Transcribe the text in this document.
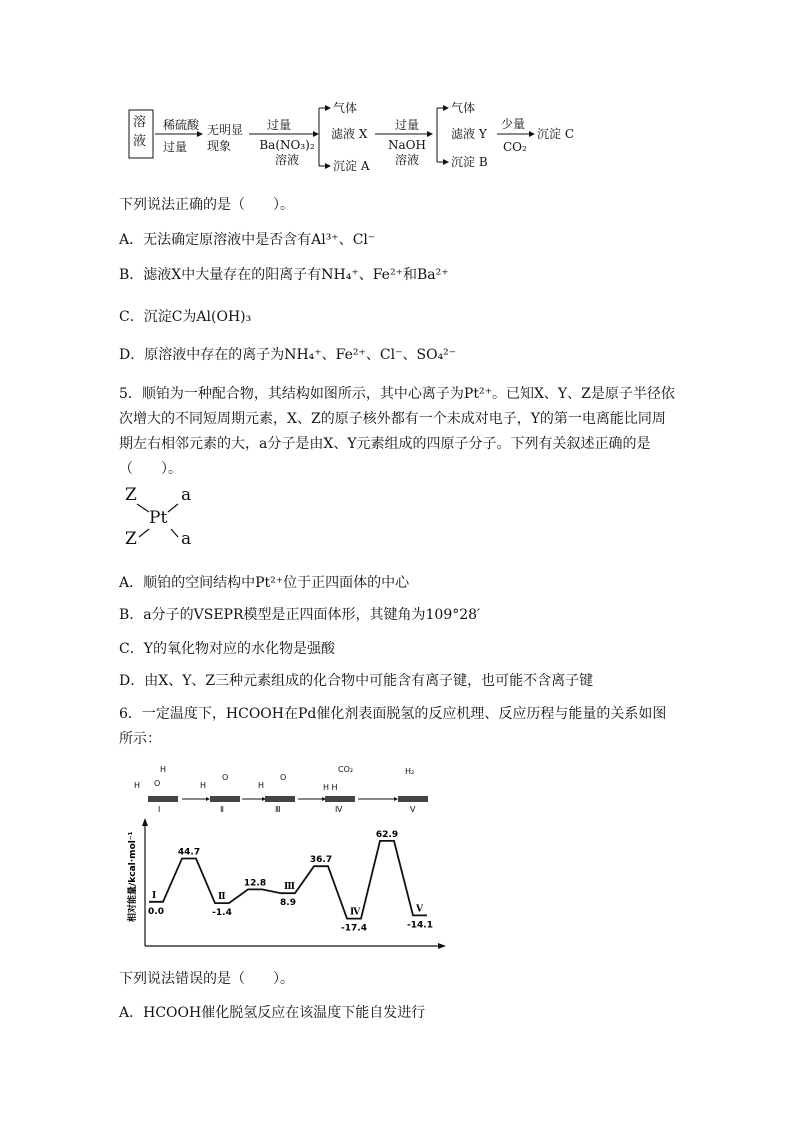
溶液
稀硫酸
过量
无明显现象
过量
Ba(NO₃)₂溶液
气体
滤液 X
沉淀 A
过量
NaOH溶液
气体
滤液 Y
沉淀 B
少量
CO₂
沉淀 C
下列说法正确的是（　　）。
A．无法确定原溶液中是否含有Al³⁺、Cl⁻
B．滤液X中大量存在的阳离子有NH₄⁺、Fe²⁺和Ba²⁺
C．沉淀C为Al(OH)₃
D．原溶液中存在的离子为NH₄⁺、Fe²⁺、Cl⁻、SO₄²⁻
5．顺铂为一种配合物，其结构如图所示，其中心离子为Pt²⁺。已知X、Y、Z是原子半径依次增大的不同短周期元素，X、Z的原子核外都有一个未成对电子，Y的第一电离能比同周期左右相邻元素的大，a分子是由X、Y元素组成的四原子分子。下列有关叙述正确的是（　　）。
Z	a
Pt
Z	a
A．顺铂的空间结构中Pt²⁺位于正四面体的中心
B．a分子的VSEPR模型是正四面体形，其键角为109°28′
C．Y的氧化物对应的水化物是强酸
D．由X、Y、Z三种元素组成的化合物中可能含有离子键，也可能不含离子键
6．一定温度下，HCOOH在Pd催化剂表面脱氢的反应机理、反应历程与能量的关系如图所示：
H
O
H	H
O
H
O
H H
CO₂	H₂
Ⅰ	Ⅱ	Ⅲ	Ⅳ	Ⅴ
相对能量/kcal·mol⁻¹ 0.0
Ⅰ
44.7
-1.4
Ⅱ
12.8
8.9
Ⅲ
36.7
-17.4
Ⅳ
62.9
-14.1
Ⅴ
下列说法错误的是（　　）。
A．HCOOH催化脱氢反应在该温度下能自发进行
